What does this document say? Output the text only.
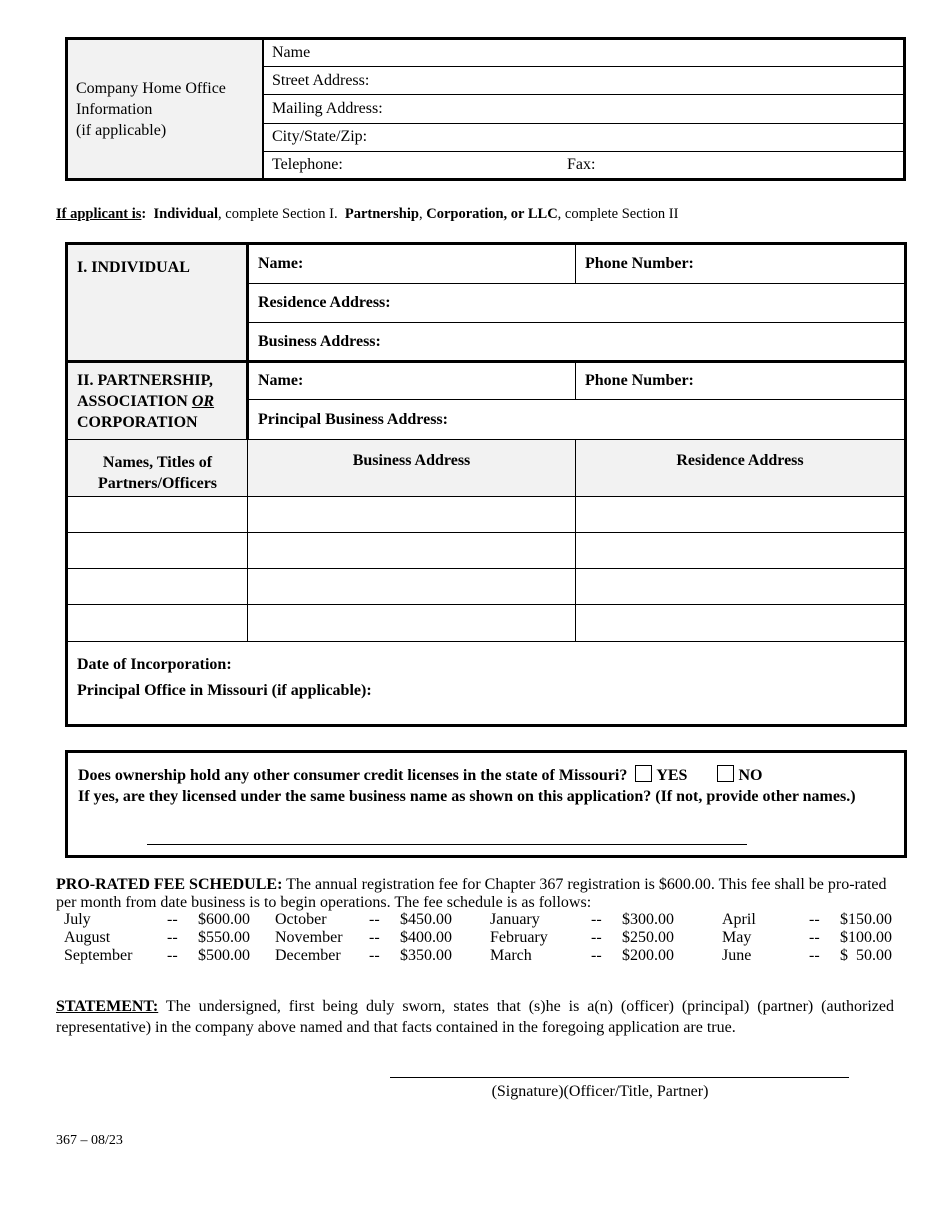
Company Home Office
Information
(if applicable)
	Name
Street Address:
Mailing Address:
City/State/Zip:
Telephone:	Fax:
If applicant is: Individual, complete Section I. Partnership, Corporation, or LLC, complete Section II
I. INDIVIDUAL	Name:	Phone Number:
	Residence Address:	
	Business Address:	

II. PARTNERSHIP,
ASSOCIATION OR
CORPORATION	Name:	Phone Number:
	Principal Business Address:	

Names, Titles of
Partners/Officers	Business Address	Residence Address

Date of Incorporation:
Principal Office in Missouri (if applicable):		
Does ownership hold any other consumer credit licenses in the state of Missouri? YES	NO
If yes, are they licensed under the same business name as shown on this application? (If not, provide other names.)
PRO-RATED FEE SCHEDULE: The annual registration fee for Chapter 367 registration is $600.00. This fee shall be pro-rated per month from date business is to begin operations. The fee schedule is as follows:
July	--	$600.00	October	--	$450.00	January	--	$300.00	April	--	$150.00
August	--	$550.00	November	--	$400.00	February	--	$250.00	May	--	$100.00
September	--	$500.00	December	--	$350.00	March	--	$200.00	June	--	$  50.00
STATEMENT: The undersigned, first being duly sworn, states that (s)he is a(n) (officer) (principal) (partner) (authorized representative) in the company above named and that facts contained in the foregoing application are true.
(Signature)(Officer/Title, Partner)
367 – 08/23
